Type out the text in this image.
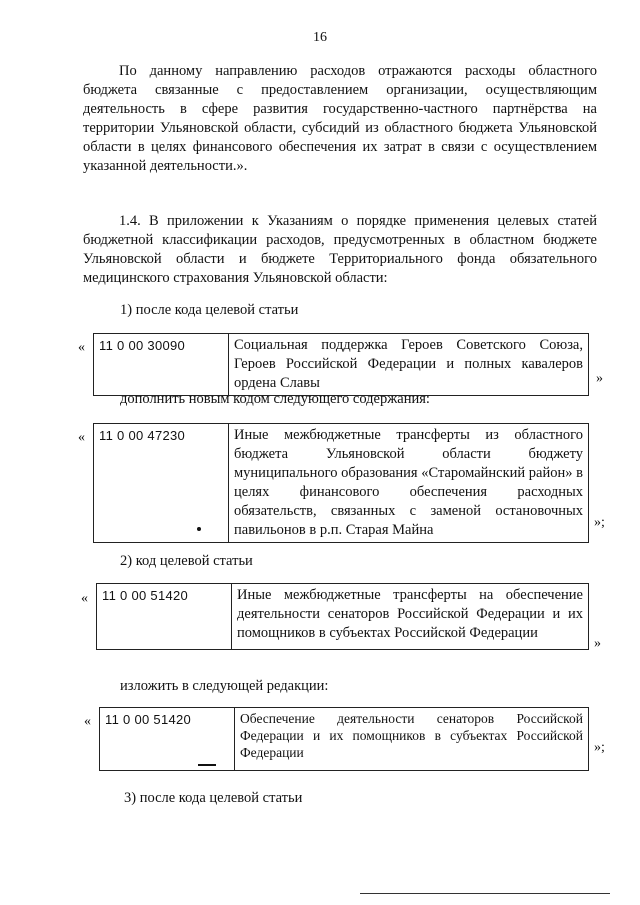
16
По данному направлению расходов отражаются расходы областного бюджета связанные с предоставлением организации, осуществляющим деятельность в сфере развития государственно-частного партнёрства на территории Ульяновской области, субсидий из областного бюджета Ульяновской области в целях финансового обеспечения их затрат в связи с осуществлением указанной деятельности.».
1.4. В приложении к Указаниям о порядке применения целевых статей бюджетной классификации расходов, предусмотренных в областном бюджете Ульяновской области и бюджете Территориального фонда обязательного медицинского страхования Ульяновской области:
1) после кода целевой статьи
« 11 0 00 30090	Социальная поддержка Героев Советского Союза, Героев Российской Федерации и полных кавалеров ордена Славы	»
дополнить новым кодом следующего содержания:
« 11 0 00 47230	Иные межбюджетные трансферты из областного бюджета Ульяновской области бюджету муниципального образования «Старомайнский район» в целях финансового обеспечения расходных обязательств, связанных с заменой остановочных павильонов в р.п. Старая Майна	»;
2) код целевой статьи
« 11 0 00 51420	Иные межбюджетные трансферты на обеспечение деятельности сенаторов Российской Федерации и их помощников в субъектах Российской Федерации
»
изложить в следующей редакции:
« 11 0 00 51420	Обеспечение деятельности сенаторов Российской Федерации и их помощников в субъектах Российской Федерации	»;
3) после кода целевой статьи
